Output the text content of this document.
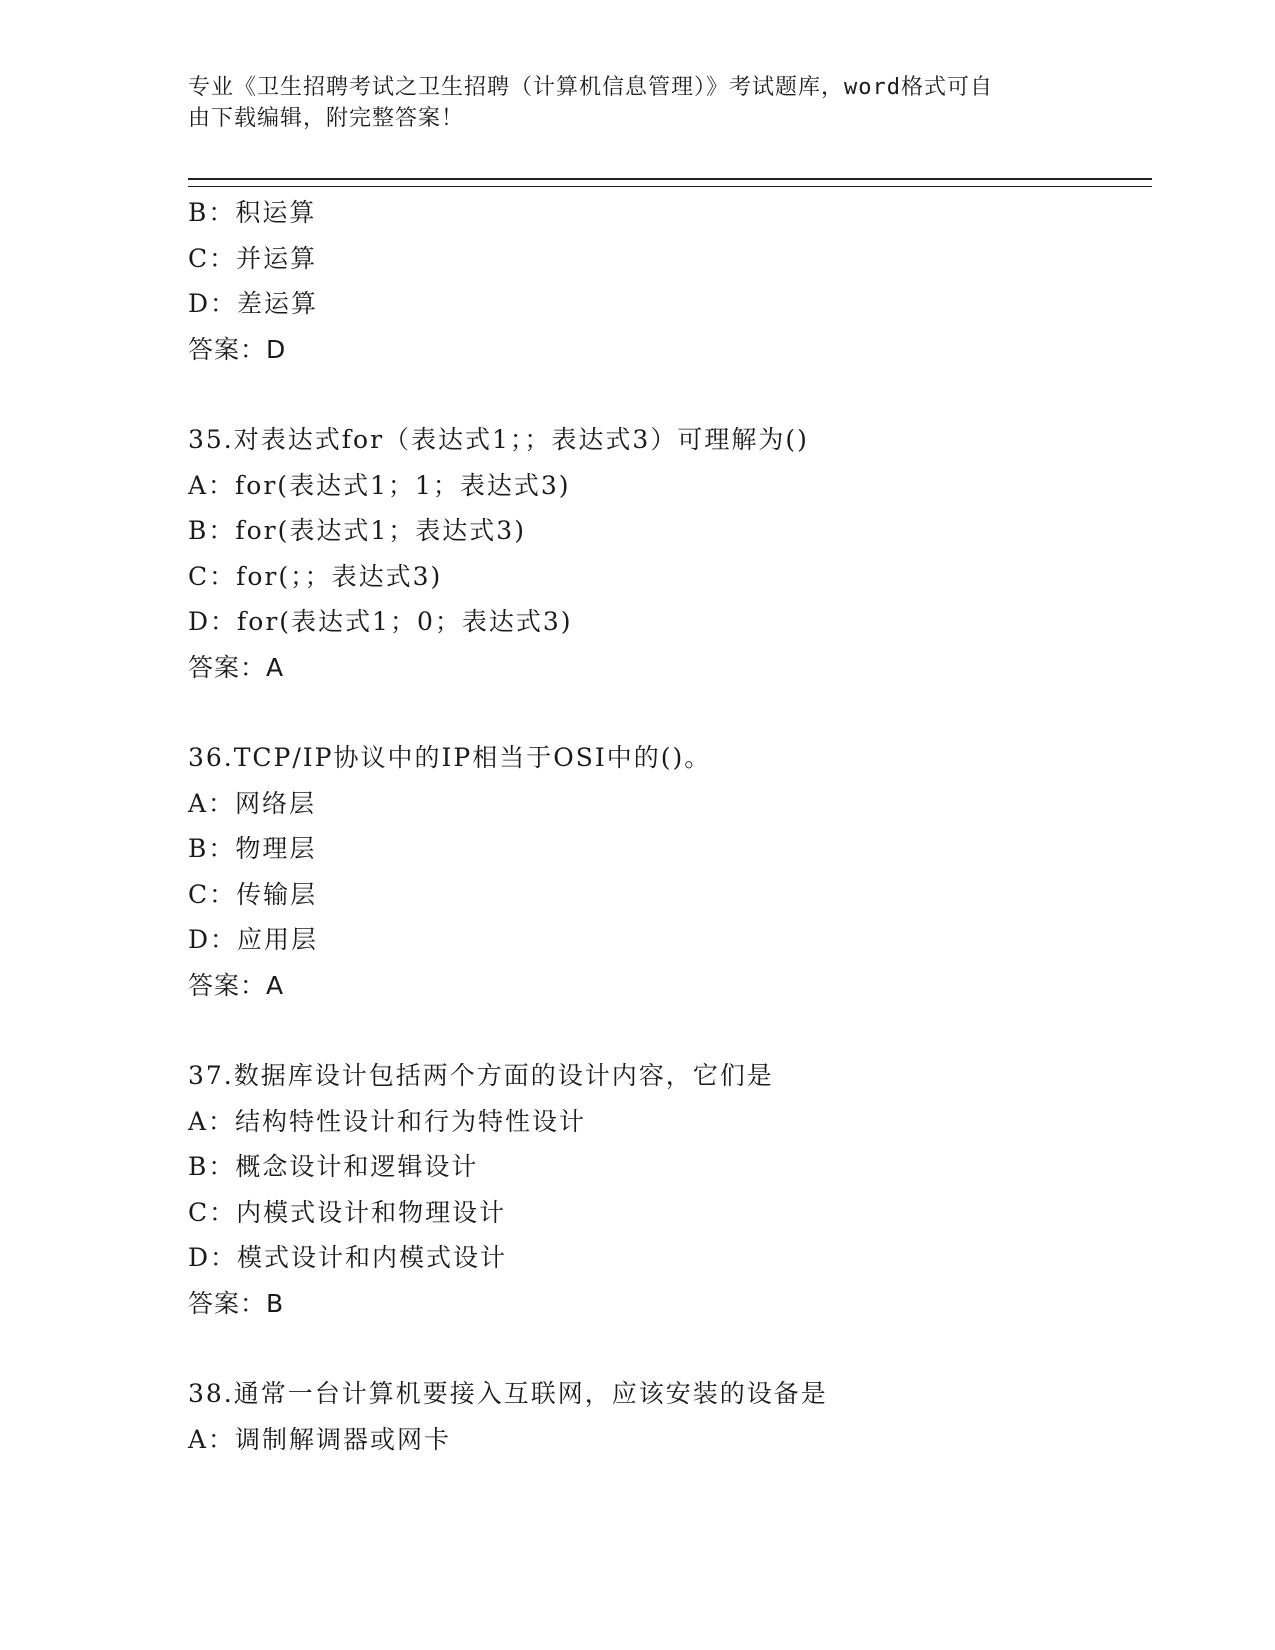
专业《卫生招聘考试之卫生招聘（计算机信息管理）》考试题库，word格式可自
由下载编辑，附完整答案！
B：积运算
C：并运算
D：差运算
答案：D
35.对表达式for（表达式1；；表达式3）可理解为()
A：for(表达式1；1；表达式3)
B：for(表达式1；表达式3)
C：for(；；表达式3)
D：for(表达式1；0；表达式3)
答案：A
36.TCP/IP协议中的IP相当于OSI中的()。
A：网络层
B：物理层
C：传输层
D：应用层
答案：A
37.数据库设计包括两个方面的设计内容，它们是
A：结构特性设计和行为特性设计
B：概念设计和逻辑设计
C：内模式设计和物理设计
D：模式设计和内模式设计
答案：B
38.通常一台计算机要接入互联网，应该安装的设备是
A：调制解调器或网卡
